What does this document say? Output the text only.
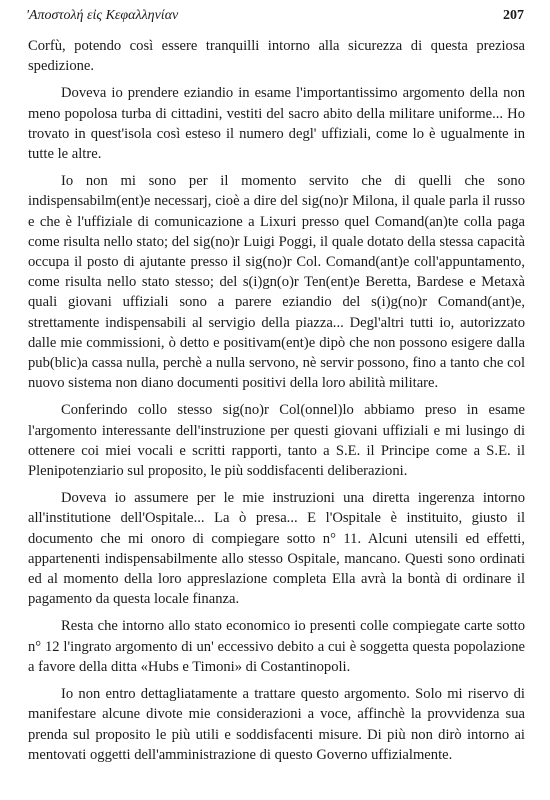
'Αποστολή εἰς Κεφαλληνίαν	207

Corfù, potendo così essere tranquilli intorno alla sicurezza di questa preziosa spedizione.

Doveva io prendere eziandio in esame l'importantissimo argomento della non meno popolosa turba di cittadini, vestiti del sacro abito della militare uniforme... Ho trovato in quest'isola così esteso il numero degl' uffiziali, come lo è ugualmente in tutte le altre.

Io non mi sono per il momento servito che di quelli che sono indispensabilm(ent)e necessarj, cioè a dire del sig(no)r Milona, il quale parla il russo e che è l'uffiziale di comunicazione a Lixuri presso quel Comand(an)te colla paga come risulta nello stato; del sig(no)r Luigi Poggi, il quale dotato della stessa capacità occupa il posto di ajutante presso il sig(no)r Col. Comand(ant)e coll'appuntamento, come risulta nello stato stesso; del s(i)gn(o)r Ten(ent)e Beretta, Bardese e Metaxà quali giovani uffiziali sono a parere eziandio del s(i)g(no)r Comand(ant)e, strettamente indispensabili al servigio della piazza... Degl'altri tutti io, autorizzato dalle mie commissioni, ò detto e positivam(ent)e dipò che non possono esigere dalla pub(blic)a cassa nulla, perchè a nulla servono, nè servir possono, fino a tanto che col nuovo sistema non diano documenti positivi della loro abilità militare.

Conferindo collo stesso sig(no)r Col(onnel)lo abbiamo preso in esame l'argomento interessante dell'instruzione per questi giovani uffiziali e mi lusingo di ottenere coi miei vocali e scritti rapporti, tanto a S.E. il Principe come a S.E. il Plenipotenziario sul proposito, le più soddisfacenti deliberazioni.

Doveva io assumere per le mie instruzioni una diretta ingerenza intorno all'institutione dell'Ospitale... La ò presa... E l'Ospitale è instituito, giusto il documento che mi onoro di compiegare sotto n° 11. Alcuni utensili ed effetti, appartenenti indispensabilmente allo stesso Ospitale, mancano. Questi sono ordinati ed al momento della loro appreslazione completa Ella avrà la bontà di ordinare il pagamento da questa locale finanza.

Resta che intorno allo stato economico io presenti colle compiegate carte sotto n° 12 l'ingrato argomento di un' eccessivo debito a cui è soggetta questa popolazione a favore della ditta «Hubs e Timoni» di Costantinopoli.

Io non entro dettagliatamente a trattare questo argomento. Solo mi riservo di manifestare alcune divote mie considerazioni a voce, affinchè la provvidenza sua prenda sul proposito le più utili e soddisfacenti misure. Di più non dirò intorno ai mentovati oggetti dell'amministrazione di questo Governo uffizialmente.
